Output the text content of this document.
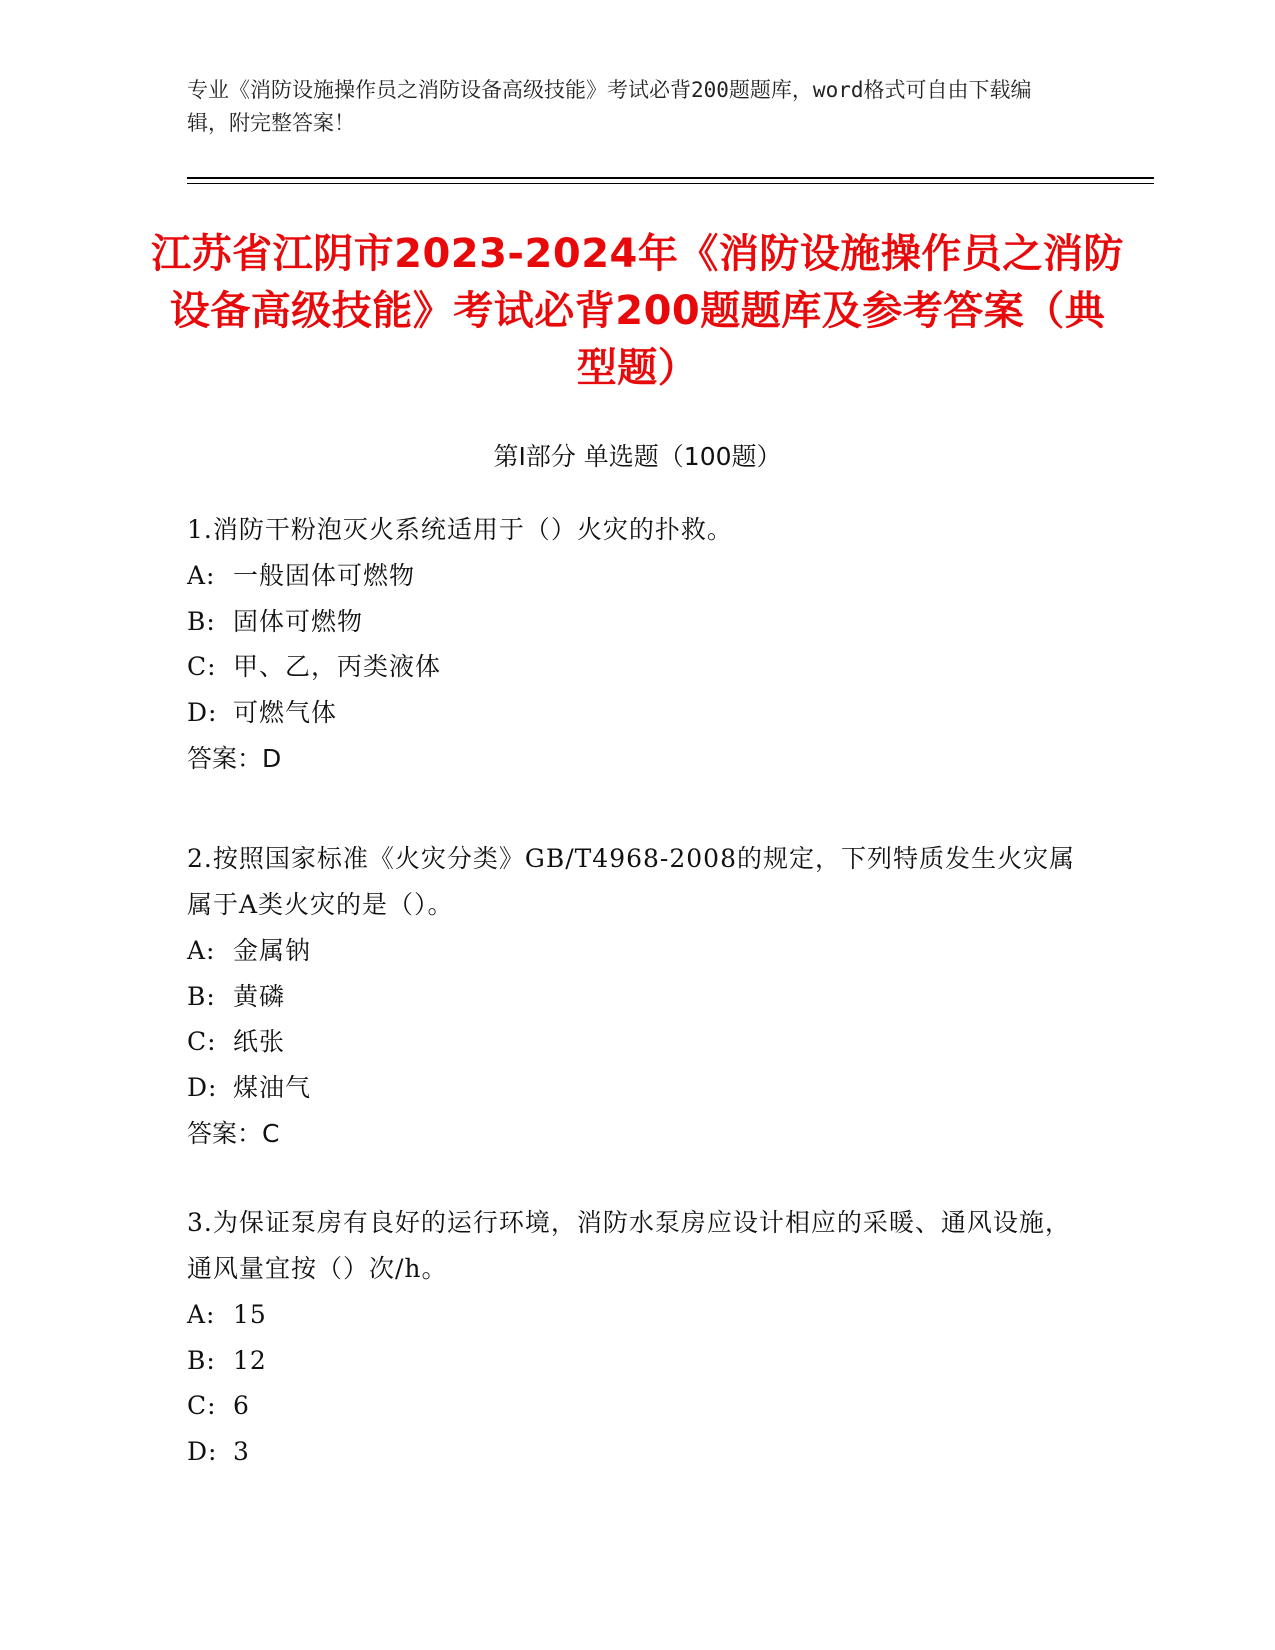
专业《消防设施操作员之消防设备高级技能》考试必背200题题库，word格式可自由下载编辑，附完整答案！
江苏省江阴市2023-2024年《消防设施操作员之消防设备高级技能》考试必背200题题库及参考答案（典型题）
第Ⅰ部分 单选题（100题）
1.消防干粉泡灭火系统适用于（）火灾的扑救。
A: 一般固体可燃物
B: 固体可燃物
C: 甲、乙，丙类液体
D: 可燃气体
答案：D
2.按照国家标准《火灾分类》GB/T4968-2008的规定，下列特质发生火灾属属于A类火灾的是（）。
A: 金属钠
B: 黄磷
C: 纸张
D: 煤油气
答案：C
3.为保证泵房有良好的运行环境，消防水泵房应设计相应的采暖、通风设施，通风量宜按（）次/h。
A: 15
B: 12
C: 6
D: 3
